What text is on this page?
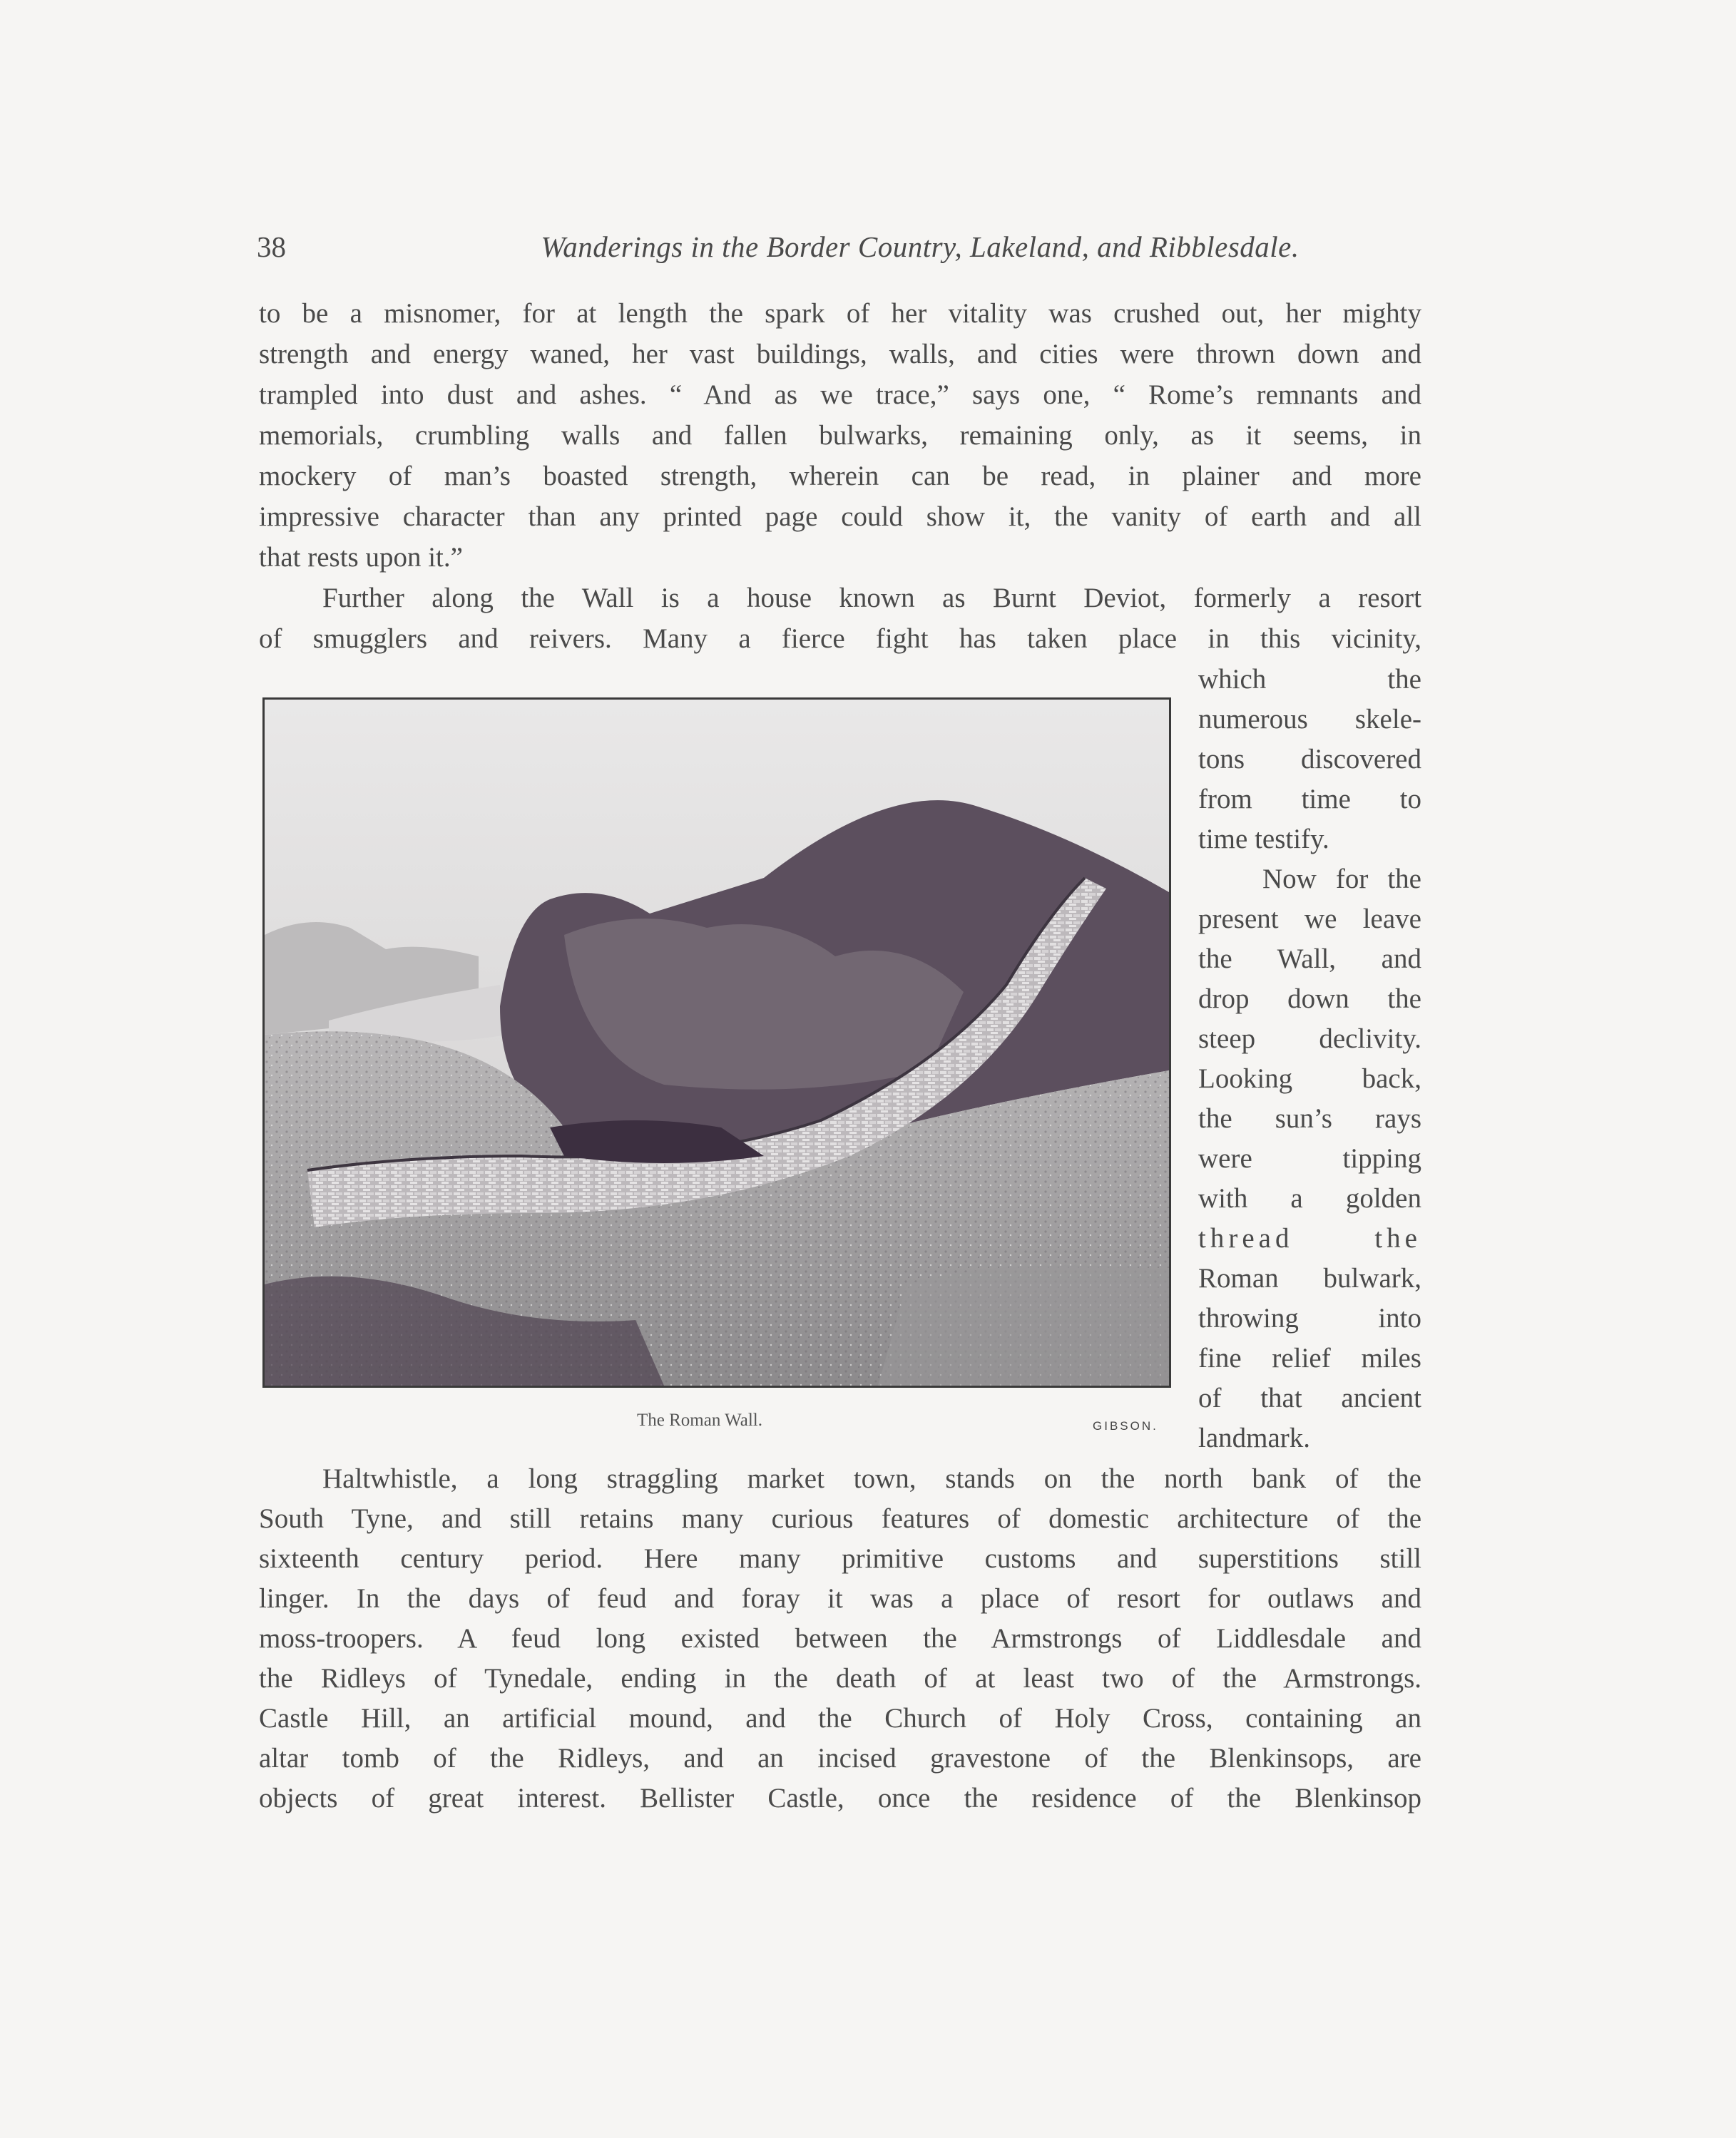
38	Wanderings in the Border Country, Lakeland, and Ribblesdale.
to be a misnomer, for at length the spark of her vitality was crushed out, her mighty
strength and energy waned, her vast buildings, walls, and cities were thrown down and
trampled into dust and ashes. “ And as we trace,” says one, “ Rome’s remnants and
memorials, crumbling walls and fallen bulwarks, remaining only, as it seems, in
mockery of man’s boasted strength, wherein can be read, in plainer and more
impressive character than any printed page could show it, the vanity of earth and all
that rests upon it.”
Further along the Wall is a house known as Burnt Deviot, formerly a resort
of smugglers and reivers. Many a fierce fight has taken place in this vicinity,
which the
numerous skele-
tons discovered
from time to
time testify.
Now for the
present we leave
the Wall, and
drop down the
steep declivity.
Looking back,
the sun’s rays
were tipping
with a golden
thread the
Roman bulwark,
throwing into
fine relief miles
of that ancient
landmark.
The Roman Wall.	GIBSON.
Haltwhistle, a long straggling market town, stands on the north bank of the
South Tyne, and still retains many curious features of domestic architecture of the
sixteenth century period. Here many primitive customs and superstitions still
linger. In the days of feud and foray it was a place of resort for outlaws and
moss-troopers. A feud long existed between the Armstrongs of Liddlesdale and
the Ridleys of Tynedale, ending in the death of at least two of the Armstrongs.
Castle Hill, an artificial mound, and the Church of Holy Cross, containing an
altar tomb of the Ridleys, and an incised gravestone of the Blenkinsops, are
objects of great interest. Bellister Castle, once the residence of the Blenkinsop
